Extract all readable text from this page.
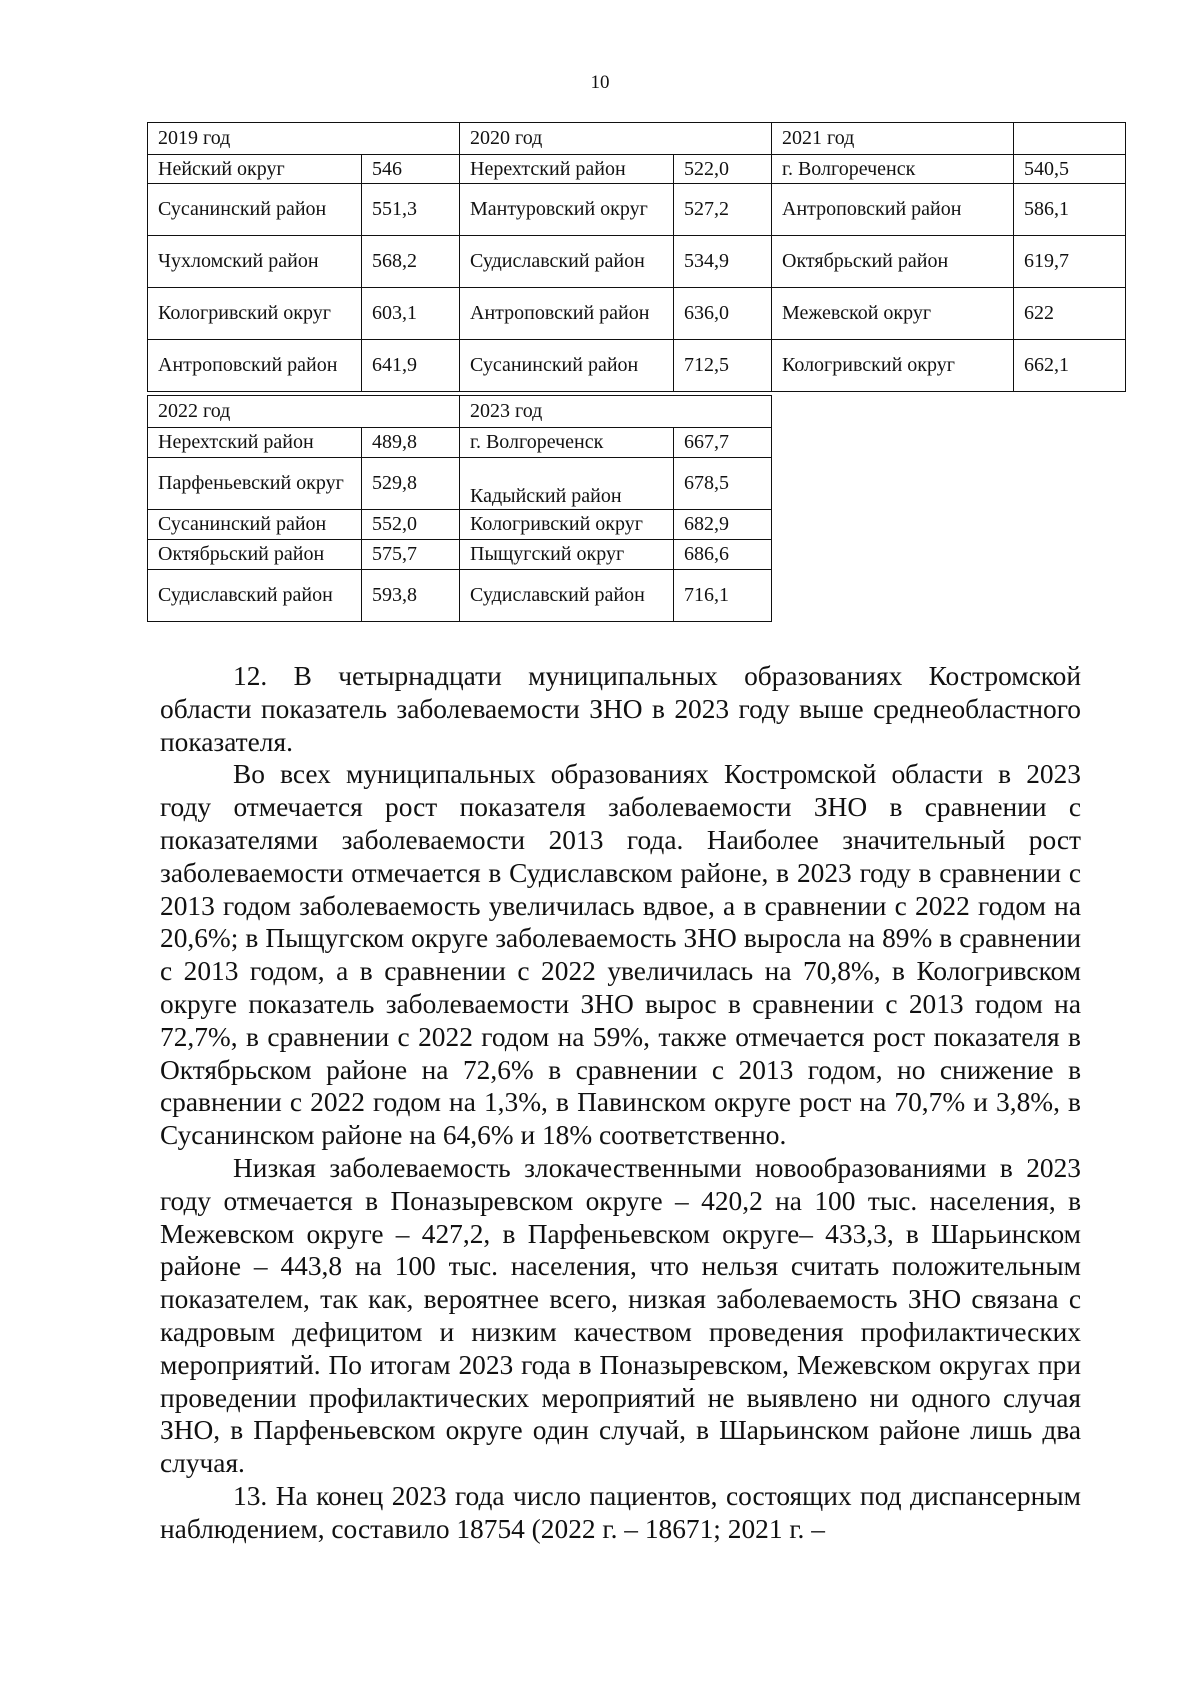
10
2019 год		2020 год		2021 год	
Нейский округ	546	Нерехтский район	522,0	г. Волгореченск	540,5
Сусанинский район	551,3	Мантуровский округ	527,2	Антроповский район	586,1
Чухломский район	568,2	Судиславский район	534,9	Октябрьский район	619,7
Кологривский округ	603,1	Антроповский район	636,0	Межевской округ	622
Антроповский район	641,9	Сусанинский район	712,5	Кологривский округ	662,1
2022 год		2023 год	
Нерехтский район	489,8	г. Волгореченск	667,7
Парфеньевский округ	529,8	Кадыйский район	678,5
Сусанинский район	552,0	Кологривский округ	682,9
Октябрьский район	575,7	Пыщугский округ	686,6
Судиславский район	593,8	Судиславский район	716,1

12. В четырнадцати муниципальных образованиях Костромской области показатель заболеваемости ЗНО в 2023 году выше среднеобластного показателя.

Во всех муниципальных образованиях Костромской области в 2023 году отмечается рост показателя заболеваемости ЗНО в сравнении с показателями заболеваемости 2013 года. Наиболее значительный рост заболеваемости отмечается в Судиславском районе, в 2023 году в сравнении с 2013 годом заболеваемость увеличилась вдвое, а в сравнении с 2022 годом на 20,6%; в Пыщугском округе заболеваемость ЗНО выросла на 89% в сравнении с 2013 годом, а в сравнении с 2022 увеличилась на 70,8%, в Кологривском округе показатель заболеваемости ЗНО вырос в сравнении с 2013 годом на 72,7%, в сравнении с 2022 годом на 59%, также отмечается рост показателя в Октябрьском районе на 72,6% в сравнении с 2013 годом, но снижение в сравнении с 2022 годом на 1,3%, в Павинском округе рост на 70,7% и 3,8%, в Сусанинском районе на 64,6% и 18% соответственно.

Низкая заболеваемость злокачественными новообразованиями в 2023 году отмечается в Поназыревском округе – 420,2 на 100 тыс. населения, в Межевском округе – 427,2, в Парфеньевском округе– 433,3, в Шарьинском районе – 443,8 на 100 тыс. населения, что нельзя считать положительным показателем, так как, вероятнее всего, низкая заболеваемость ЗНО связана с кадровым дефицитом и низким качеством проведения профилактических мероприятий. По итогам 2023 года в Поназыревском, Межевском округах при проведении профилактических мероприятий не выявлено ни одного случая ЗНО, в Парфеньевском округе один случай, в Шарьинском районе лишь два случая.

13. На конец 2023 года число пациентов, состоящих под диспансерным наблюдением, составило 18754 (2022 г. – 18671; 2021 г. –
